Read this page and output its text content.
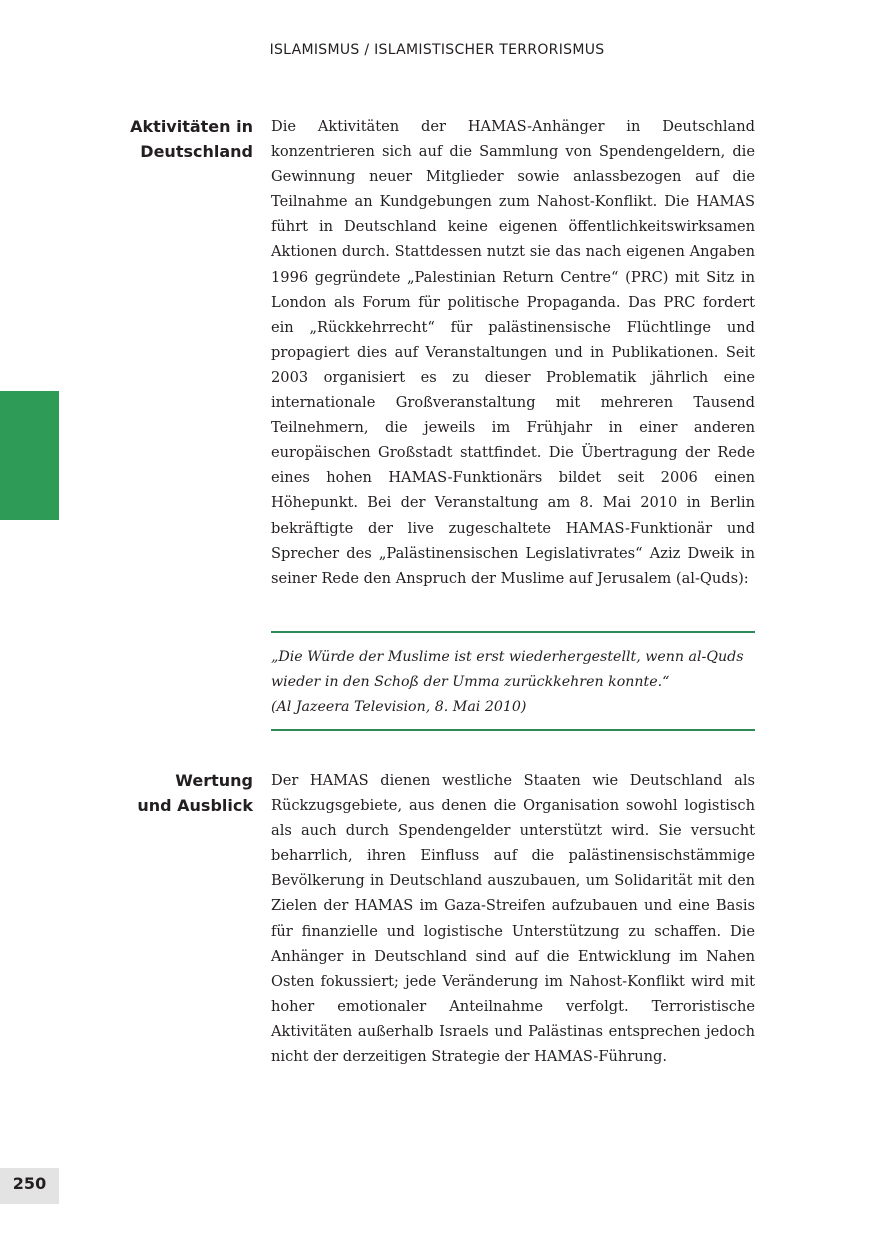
ISLAMISMUS / ISLAMISTISCHER TERRORISMUS
Aktivitäten in
Deutschland
Die Aktivitäten der HAMAS-Anhänger in Deutschland konzentrieren sich auf die Sammlung von Spendengeldern, die Gewinnung neuer Mitglieder sowie anlassbezogen auf die Teilnahme an Kundgebungen zum Nahost-Konflikt. Die HAMAS führt in Deutschland keine eigenen öffentlichkeitswirksamen Aktionen durch. Stattdessen nutzt sie das nach eigenen Angaben 1996 gegründete „Palestinian Return Centre“ (PRC) mit Sitz in London als Forum für politische Propaganda. Das PRC fordert ein „Rückkehrrecht“ für palästinensische Flüchtlinge und propagiert dies auf Veranstaltungen und in Publikationen. Seit 2003 organisiert es zu dieser Problematik jährlich eine internationale Großveranstaltung mit mehreren Tausend Teilnehmern, die jeweils im Frühjahr in einer anderen europäischen Großstadt stattfindet. Die Übertragung der Rede eines hohen HAMAS-Funktionärs bildet seit 2006 einen Höhepunkt. Bei der Veranstaltung am 8. Mai 2010 in Berlin bekräftigte der live zugeschaltete HAMAS-Funktionär und Sprecher des „Palästinensischen Legislativrates“ Aziz Dweik in seiner Rede den Anspruch der Muslime auf Jerusalem (al-Quds):
„Die Würde der Muslime ist erst wiederhergestellt, wenn al-Quds wieder in den Schoß der Umma zurückkehren konnte.“
(Al Jazeera Television, 8. Mai 2010)
Wertung
und Ausblick
Der HAMAS dienen westliche Staaten wie Deutschland als Rückzugsgebiete, aus denen die Organisation sowohl logistisch als auch durch Spendengelder unterstützt wird. Sie versucht beharrlich, ihren Einfluss auf die palästinensischstämmige Bevölkerung in Deutschland auszubauen, um Solidarität mit den Zielen der HAMAS im Gaza-Streifen aufzubauen und eine Basis für finanzielle und logistische Unterstützung zu schaffen. Die Anhänger in Deutschland sind auf die Entwicklung im Nahen Osten fokussiert; jede Veränderung im Nahost-Konflikt wird mit hoher emotionaler Anteilnahme verfolgt. Terroristische Aktivitäten außerhalb Israels und Palästinas entsprechen jedoch nicht der derzeitigen Strategie der HAMAS-Führung.
250
